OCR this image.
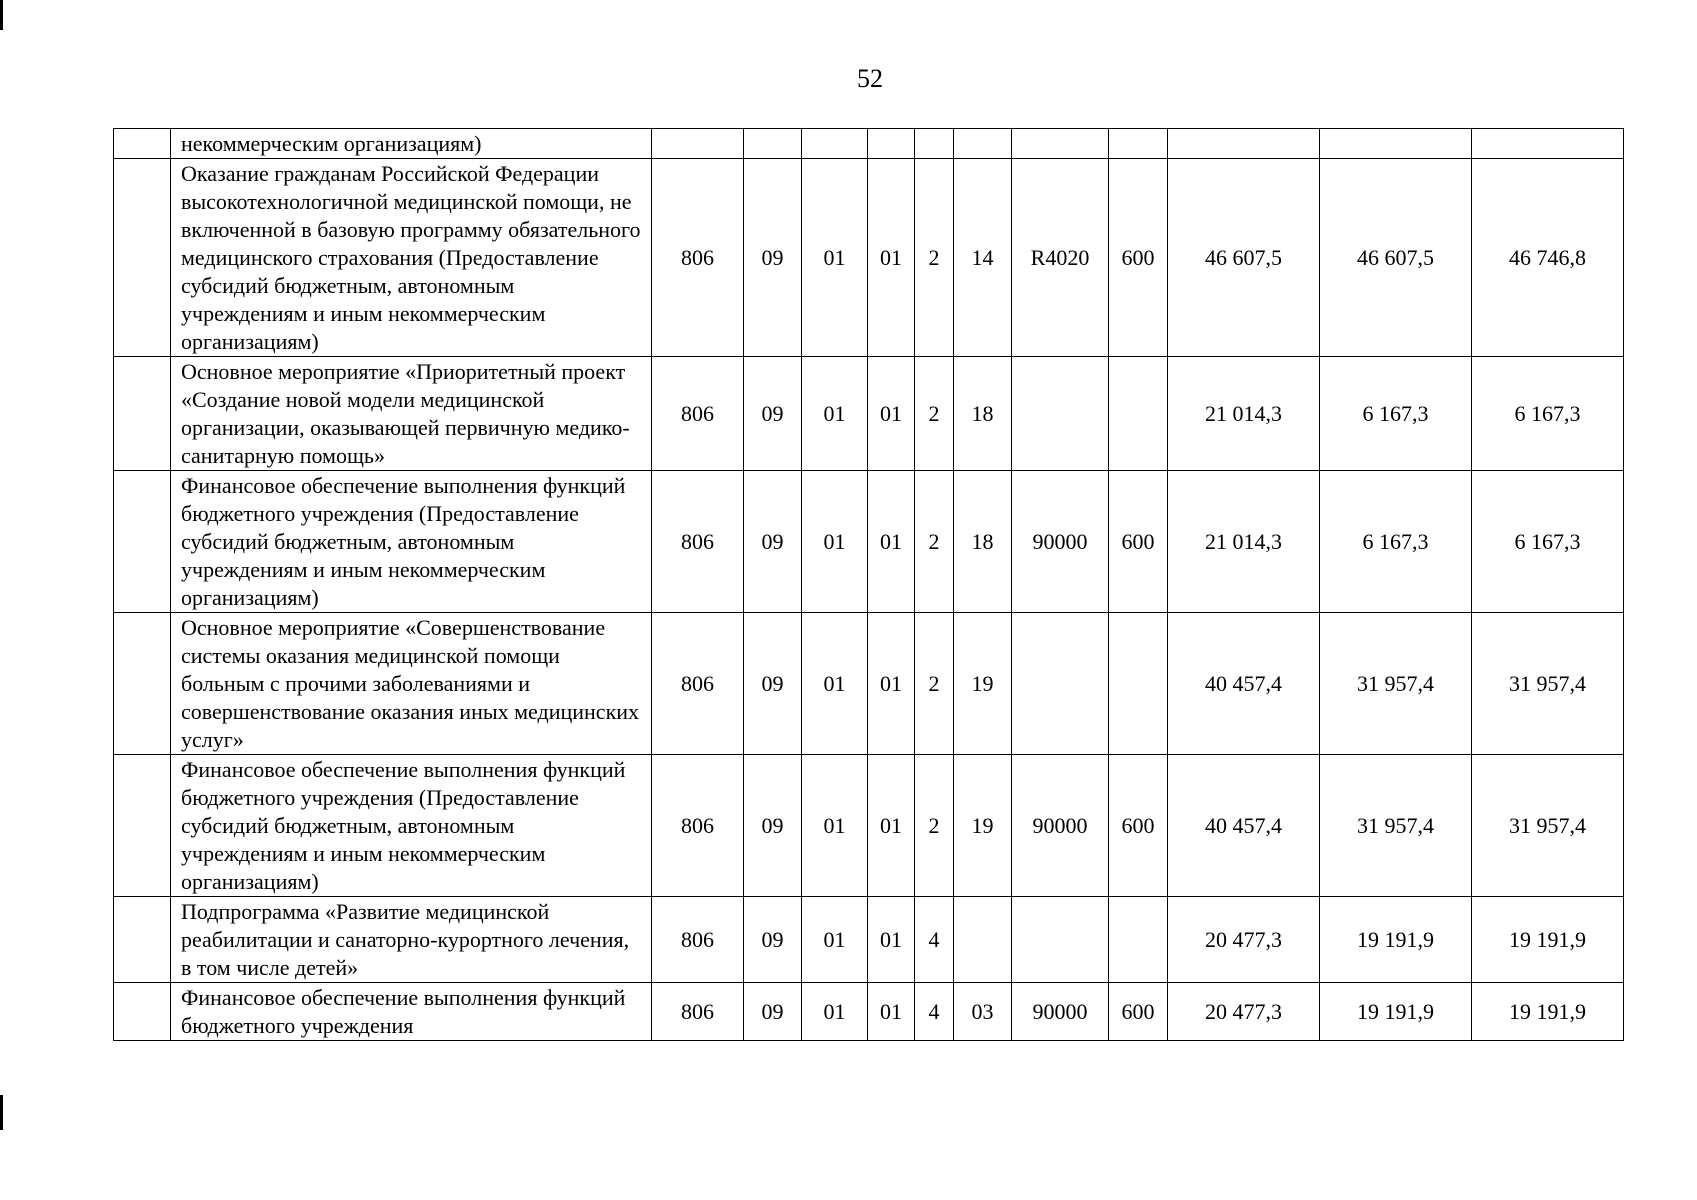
52
	некоммерческим организациям)											
	Оказание гражданам Российской Федерации высокотехнологичной медицинской помощи, не включенной в базовую программу обязательного медицинского страхования (Предоставление субсидий бюджетным, автономным учреждениям и иным некоммерческим организациям)	806	09	01	01	2	14	R4020	600	46 607,5	46 607,5	46 746,8
	Основное мероприятие «Приоритетный проект «Создание новой модели медицинской организации, оказывающей первичную медико-санитарную помощь»	806	09	01	01	2	18			21 014,3	6 167,3	6 167,3
	Финансовое обеспечение выполнения функций бюджетного учреждения (Предоставление субсидий бюджетным, автономным учреждениям и иным некоммерческим организациям)	806	09	01	01	2	18	90000	600	21 014,3	6 167,3	6 167,3
	Основное мероприятие «Совершенствование системы оказания медицинской помощи больным с прочими заболеваниями и совершенствование оказания иных медицинских услуг»	806	09	01	01	2	19			40 457,4	31 957,4	31 957,4
	Финансовое обеспечение выполнения функций бюджетного учреждения (Предоставление субсидий бюджетным, автономным учреждениям и иным некоммерческим организациям)	806	09	01	01	2	19	90000	600	40 457,4	31 957,4	31 957,4
	Подпрограмма «Развитие медицинской реабилитации и санаторно-курортного лечения, в том числе детей»	806	09	01	01	4				20 477,3	19 191,9	19 191,9
	Финансовое обеспечение выполнения функций бюджетного учреждения	806	09	01	01	4	03	90000	600	20 477,3	19 191,9	19 191,9
